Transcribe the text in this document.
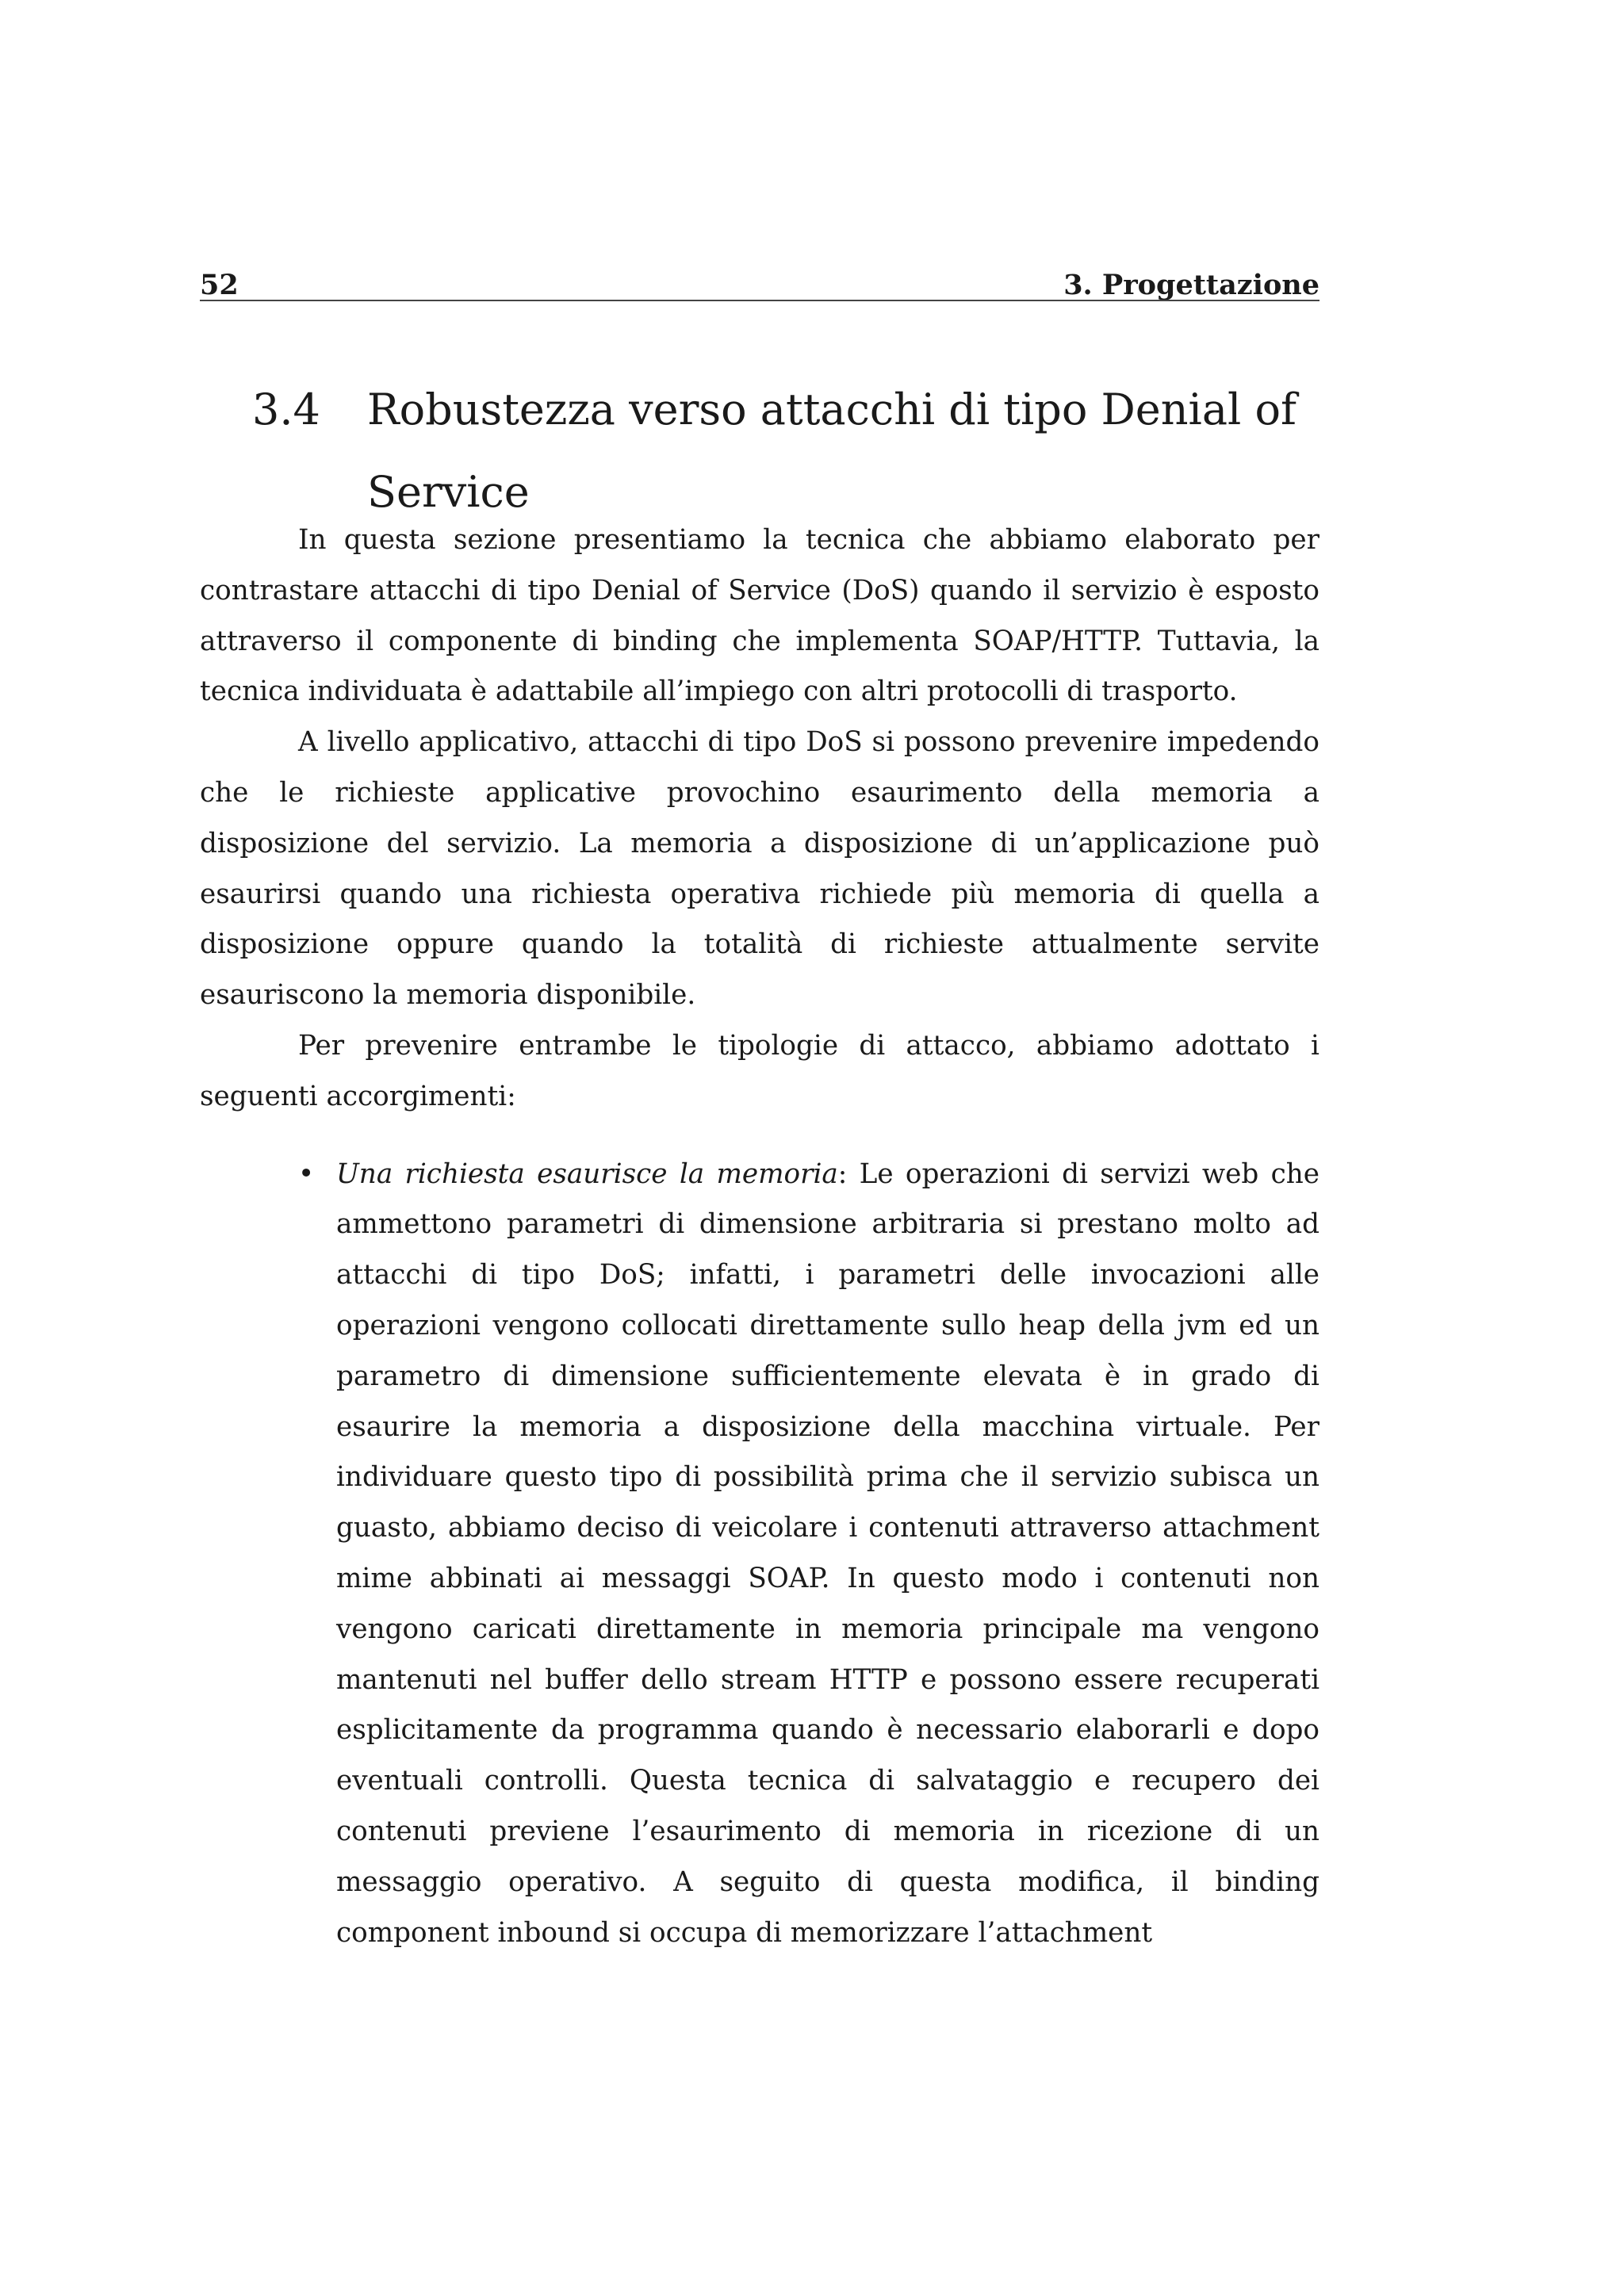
52	3. Progettazione
3.4	Robustezza verso attacchi di tipo Denial of Service

In questa sezione presentiamo la tecnica che abbiamo elaborato per contrastare attacchi di tipo Denial of Service (DoS) quando il servizio è esposto attraverso il componente di binding che implementa SOAP/HTTP. Tuttavia, la tecnica individuata è adattabile all’impiego con altri protocolli di trasporto.

A livello applicativo, attacchi di tipo DoS si possono prevenire impedendo che le richieste applicative provochino esaurimento della memoria a disposizione del servizio. La memoria a disposizione di un’applicazione può esaurirsi quando una richiesta operativa richiede più memoria di quella a disposizione oppure quando la totalità di richieste attualmente servite esauriscono la memoria disponibile.

Per prevenire entrambe le tipologie di attacco, abbiamo adottato i seguenti accorgimenti:

• Una richiesta esaurisce la memoria: Le operazioni di servizi web che ammettono parametri di dimensione arbitraria si prestano molto ad attacchi di tipo DoS; infatti, i parametri delle invocazioni alle operazioni vengono collocati direttamente sullo heap della jvm ed un parametro di dimensione sufficientemente elevata è in grado di esaurire la memoria a disposizione della macchina virtuale. Per individuare questo tipo di possibilità prima che il servizio subisca un guasto, abbiamo deciso di veicolare i contenuti attraverso attachment mime abbinati ai messaggi SOAP. In questo modo i contenuti non vengono caricati direttamente in memoria principale ma vengono mantenuti nel buffer dello stream HTTP e possono essere recuperati esplicitamente da programma quando è necessario elaborarli e dopo eventuali controlli. Questa tecnica di salvataggio e recupero dei contenuti previene l’esaurimento di memoria in ricezione di un messaggio operativo. A seguito di questa modifica, il binding component inbound si occupa di memorizzare l’attachment
